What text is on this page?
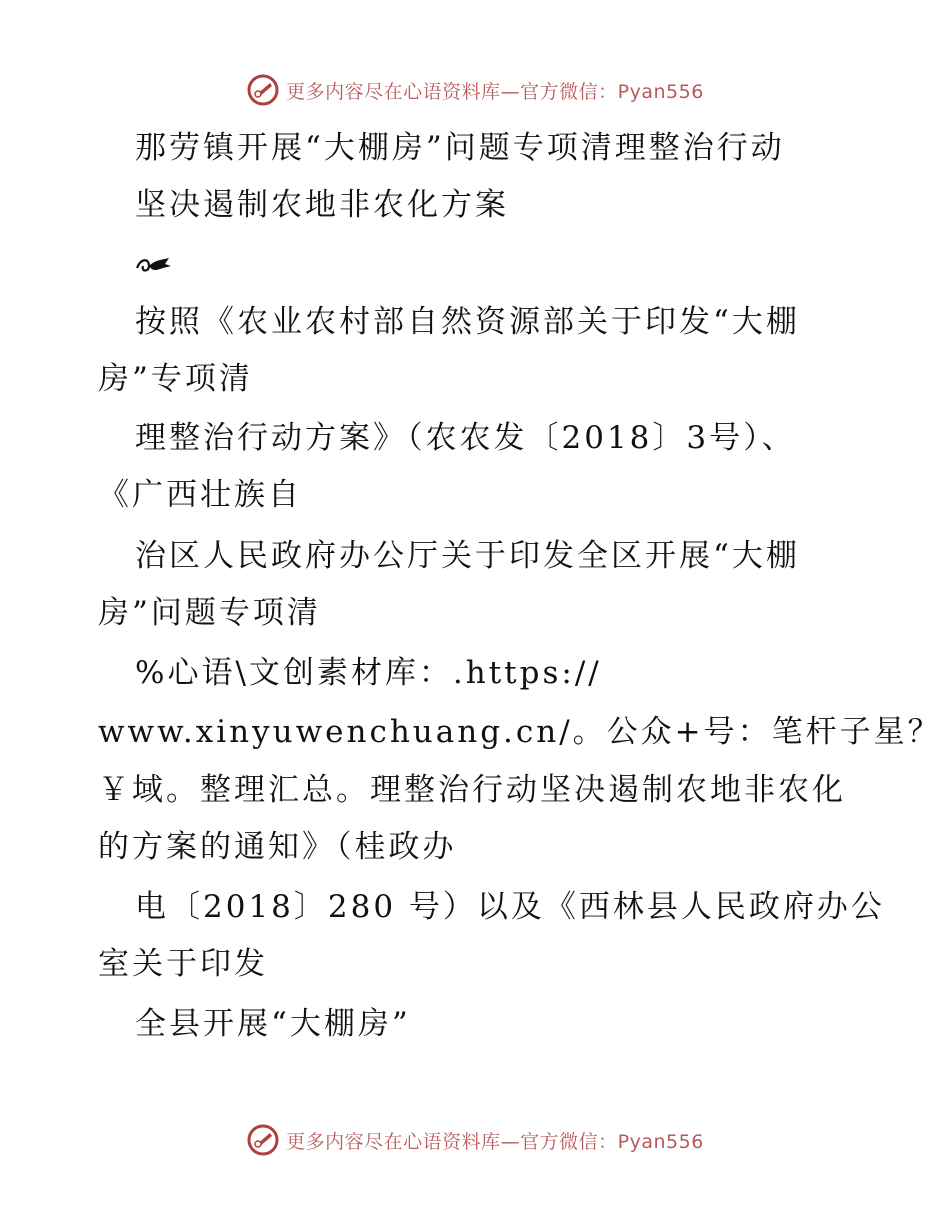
更多内容尽在心语资料库—官方微信：Pyan556
那劳镇开展“大棚房”问题专项清理整治行动
坚决遏制农地非农化方案
按照《农业农村部自然资源部关于印发“大棚
房”专项清
理整治行动方案》（农农发〔2018〕3号）、
《广西壮族自
治区人民政府办公厅关于印发全区开展“大棚
房”问题专项清
%心语\文创素材库：.https://
www.xinyuwenchuang.cn/。公众+号：笔杆子星？
￥域。整理汇总。理整治行动坚决遏制农地非农化
的方案的通知》（桂政办
电〔2018〕280 号）以及《西林县人民政府办公
室关于印发
全县开展“大棚房”
更多内容尽在心语资料库—官方微信：Pyan556
